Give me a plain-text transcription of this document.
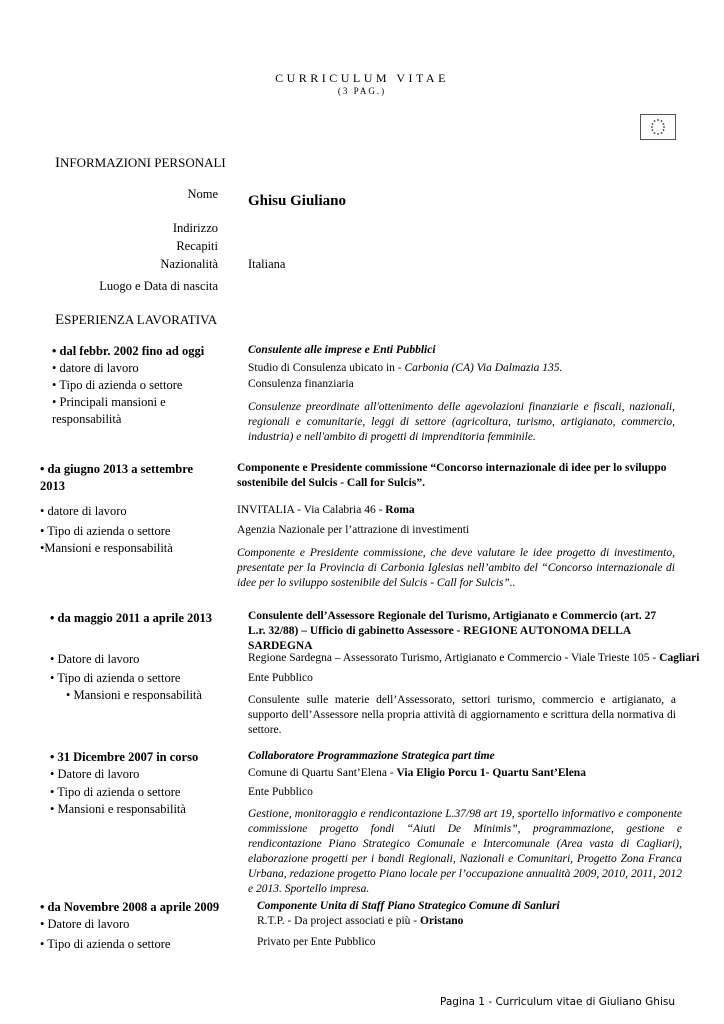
CURRICULUM VITAE
(3 PAG.)
INFORMAZIONI PERSONALI
Nome Ghisu Giuliano
Indirizzo
Recapiti
Nazionalità Italiana
Luogo e Data di nascita
ESPERIENZA LAVORATIVA
• dal febbr. 2002 fino ad oggi
• datore di lavoro
• Tipo di azienda o settore
• Principali mansioni e responsabilità
Consulente alle imprese e Enti Pubblici
Studio di Consulenza ubicato in - Carbonia (CA) Via Dalmazia 135.
Consulenza finanziaria
Consulenze preordinate all'ottenimento delle agevolazioni finanziarie e fiscali, nazionali, regionali e comunitarie, leggi di settore (agricoltura, turismo, artigianato, commercio, industria) e nell'ambito di progetti di imprenditoria femminile.
• da giugno 2013 a settembre 2013
• datore di lavoro
• Tipo di azienda o settore
•Mansioni e responsabilità
Componente e Presidente commissione “Concorso internazionale di idee per lo sviluppo sostenibile del Sulcis - Call for Sulcis”.
INVITALIA - Via Calabria 46 - Roma
Agenzia Nazionale per l’attrazione di investimenti
Componente e Presidente commissione, che deve valutare le idee progetto di investimento, presentate per la Provincia di Carbonia Iglesias nell’ambito del “Concorso internazionale di idee per lo sviluppo sostenibile del Sulcis - Call for Sulcis”..
• da maggio 2011 a aprile 2013
• Datore di lavoro
• Tipo di azienda o settore
• Mansioni e responsabilità
Consulente dell’Assessore Regionale del Turismo, Artigianato e Commercio (art. 27 L.r. 32/88) – Ufficio di gabinetto Assessore - REGIONE AUTONOMA DELLA SARDEGNA
Regione Sardegna – Assessorato Turismo, Artigianato e Commercio - Viale Trieste 105 - Cagliari
Ente Pubblico
Consulente sulle materie dell’Assessorato, settori turismo, commercio e artigianato, a supporto dell’Assessore nella propria attività di aggiornamento e scrittura della normativa di settore.
• 31 Dicembre 2007 in corso
• Datore di lavoro
• Tipo di azienda o settore
• Mansioni e responsabilità
Collaboratore Programmazione Strategica part time
Comune di Quartu Sant’Elena - Via Eligio Porcu 1- Quartu Sant’Elena
Ente Pubblico
Gestione, monitoraggio e rendicontazione L.37/98 art 19, sportello informativo e componente commissione progetto fondi “Aiuti De Minimis”, programmazione, gestione e rendicontazione Piano Strategico Comunale e Intercomunale (Area vasta di Cagliari), elaborazione progetti per i bandi Regionali, Nazionali e Comunitari, Progetto Zona Franca Urbana, redazione progetto Piano locale per l’occupazione annualità 2009, 2010, 2011, 2012 e 2013. Sportello impresa.
• da Novembre 2008 a aprile 2009
• Datore di lavoro
• Tipo di azienda o settore
Componente Unita di Staff Piano Strategico Comune di Sanluri
R.T.P. - Da project associati e più - Oristano
Privato per Ente Pubblico
Pagina 1 - Curriculum vitae di Giuliano Ghisu
